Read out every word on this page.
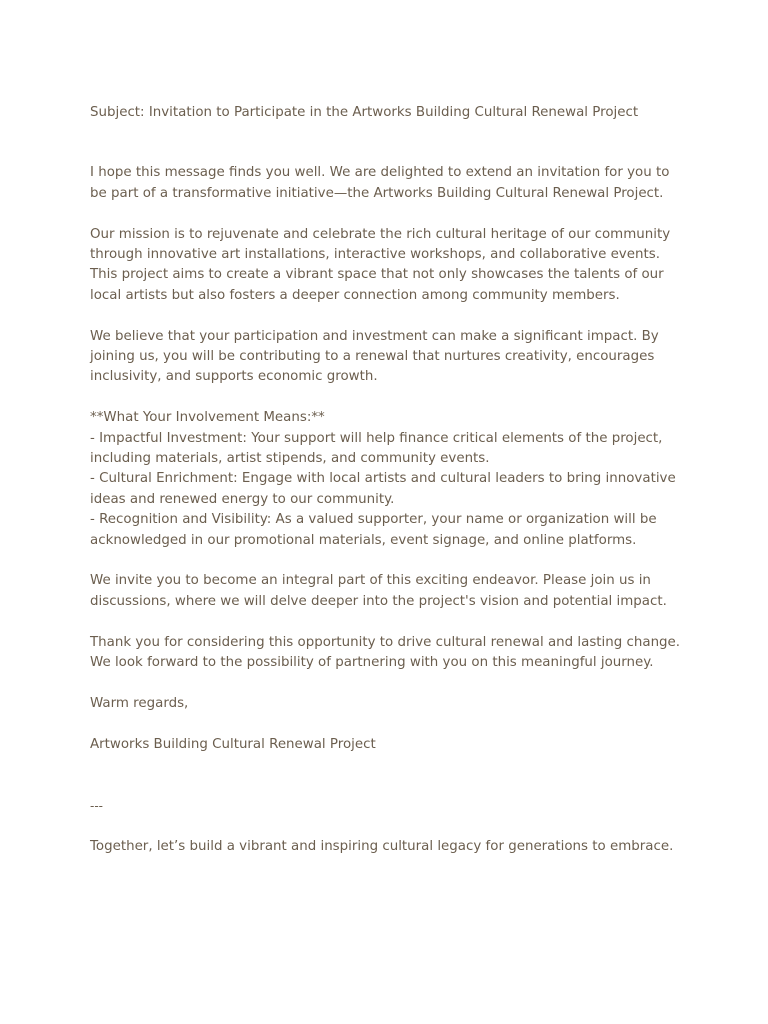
Subject: Invitation to Participate in the Artworks Building Cultural Renewal Project

I hope this message finds you well. We are delighted to extend an invitation for you to be part of a transformative initiative—the Artworks Building Cultural Renewal Project.

Our mission is to rejuvenate and celebrate the rich cultural heritage of our community through innovative art installations, interactive workshops, and collaborative events. This project aims to create a vibrant space that not only showcases the talents of our local artists but also fosters a deeper connection among community members.

We believe that your participation and investment can make a significant impact. By joining us, you will be contributing to a renewal that nurtures creativity, encourages inclusivity, and supports economic growth.

**What Your Involvement Means:**

- Impactful Investment: Your support will help finance critical elements of the project, including materials, artist stipends, and community events.

- Cultural Enrichment: Engage with local artists and cultural leaders to bring innovative ideas and renewed energy to our community.

- Recognition and Visibility: As a valued supporter, your name or organization will be acknowledged in our promotional materials, event signage, and online platforms.

We invite you to become an integral part of this exciting endeavor. Please join us in discussions, where we will delve deeper into the project's vision and potential impact.

Thank you for considering this opportunity to drive cultural renewal and lasting change. We look forward to the possibility of partnering with you on this meaningful journey.

Warm regards,

Artworks Building Cultural Renewal Project

---

Together, let’s build a vibrant and inspiring cultural legacy for generations to embrace.
